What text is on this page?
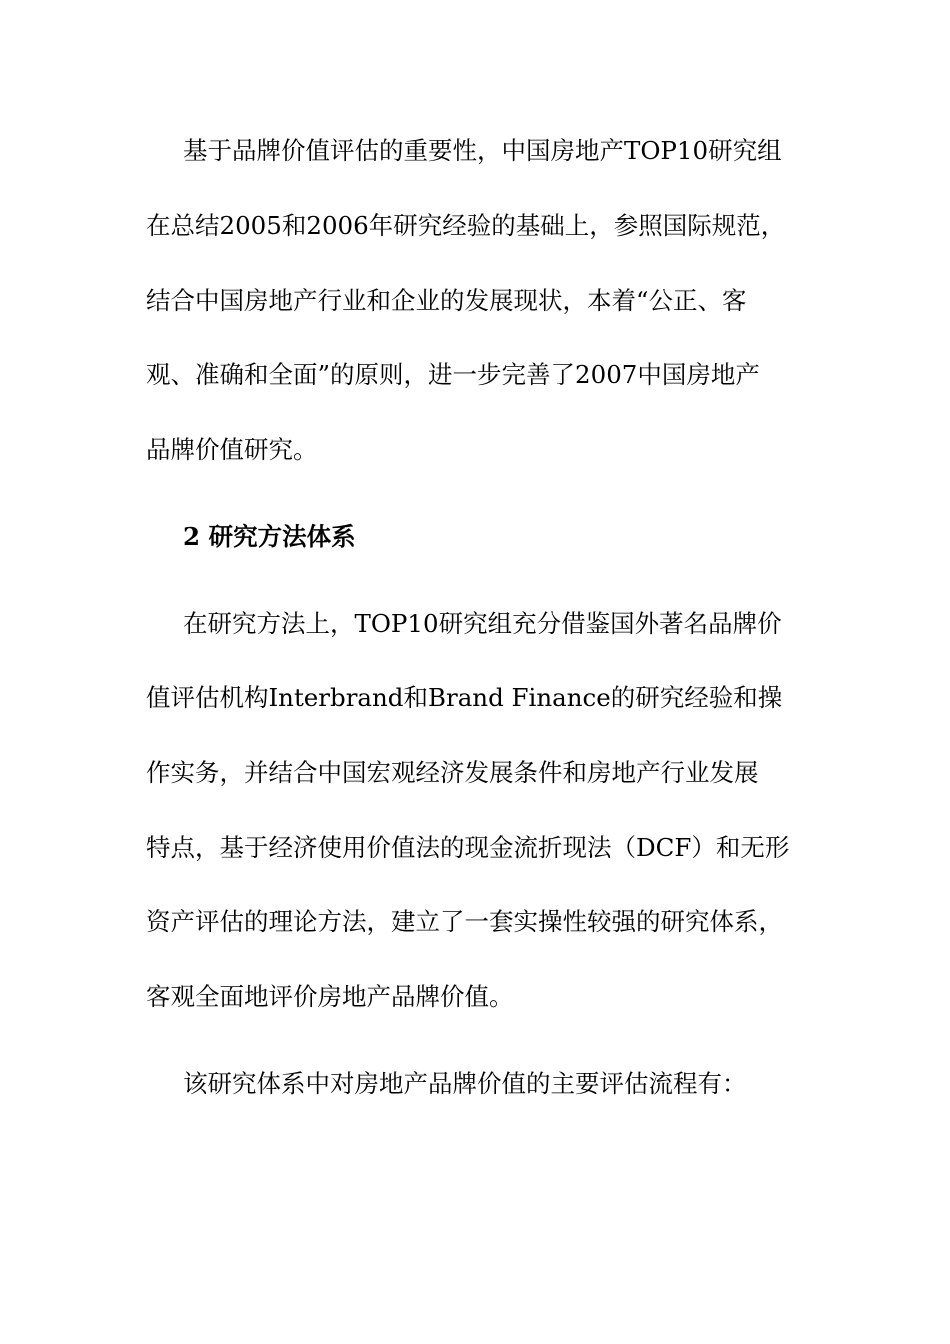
基于品牌价值评估的重要性，中国房地产TOP10研究组
在总结2005和2006年研究经验的基础上，参照国际规范，
结合中国房地产行业和企业的发展现状，本着“公正、客
观、准确和全面”的原则，进一步完善了2007中国房地产
品牌价值研究。
2 研究方法体系
在研究方法上，TOP10研究组充分借鉴国外著名品牌价
值评估机构Interbrand和Brand Finance的研究经验和操
作实务，并结合中国宏观经济发展条件和房地产行业发展
特点，基于经济使用价值法的现金流折现法（DCF）和无形
资产评估的理论方法，建立了一套实操性较强的研究体系，
客观全面地评价房地产品牌价值。
该研究体系中对房地产品牌价值的主要评估流程有：
